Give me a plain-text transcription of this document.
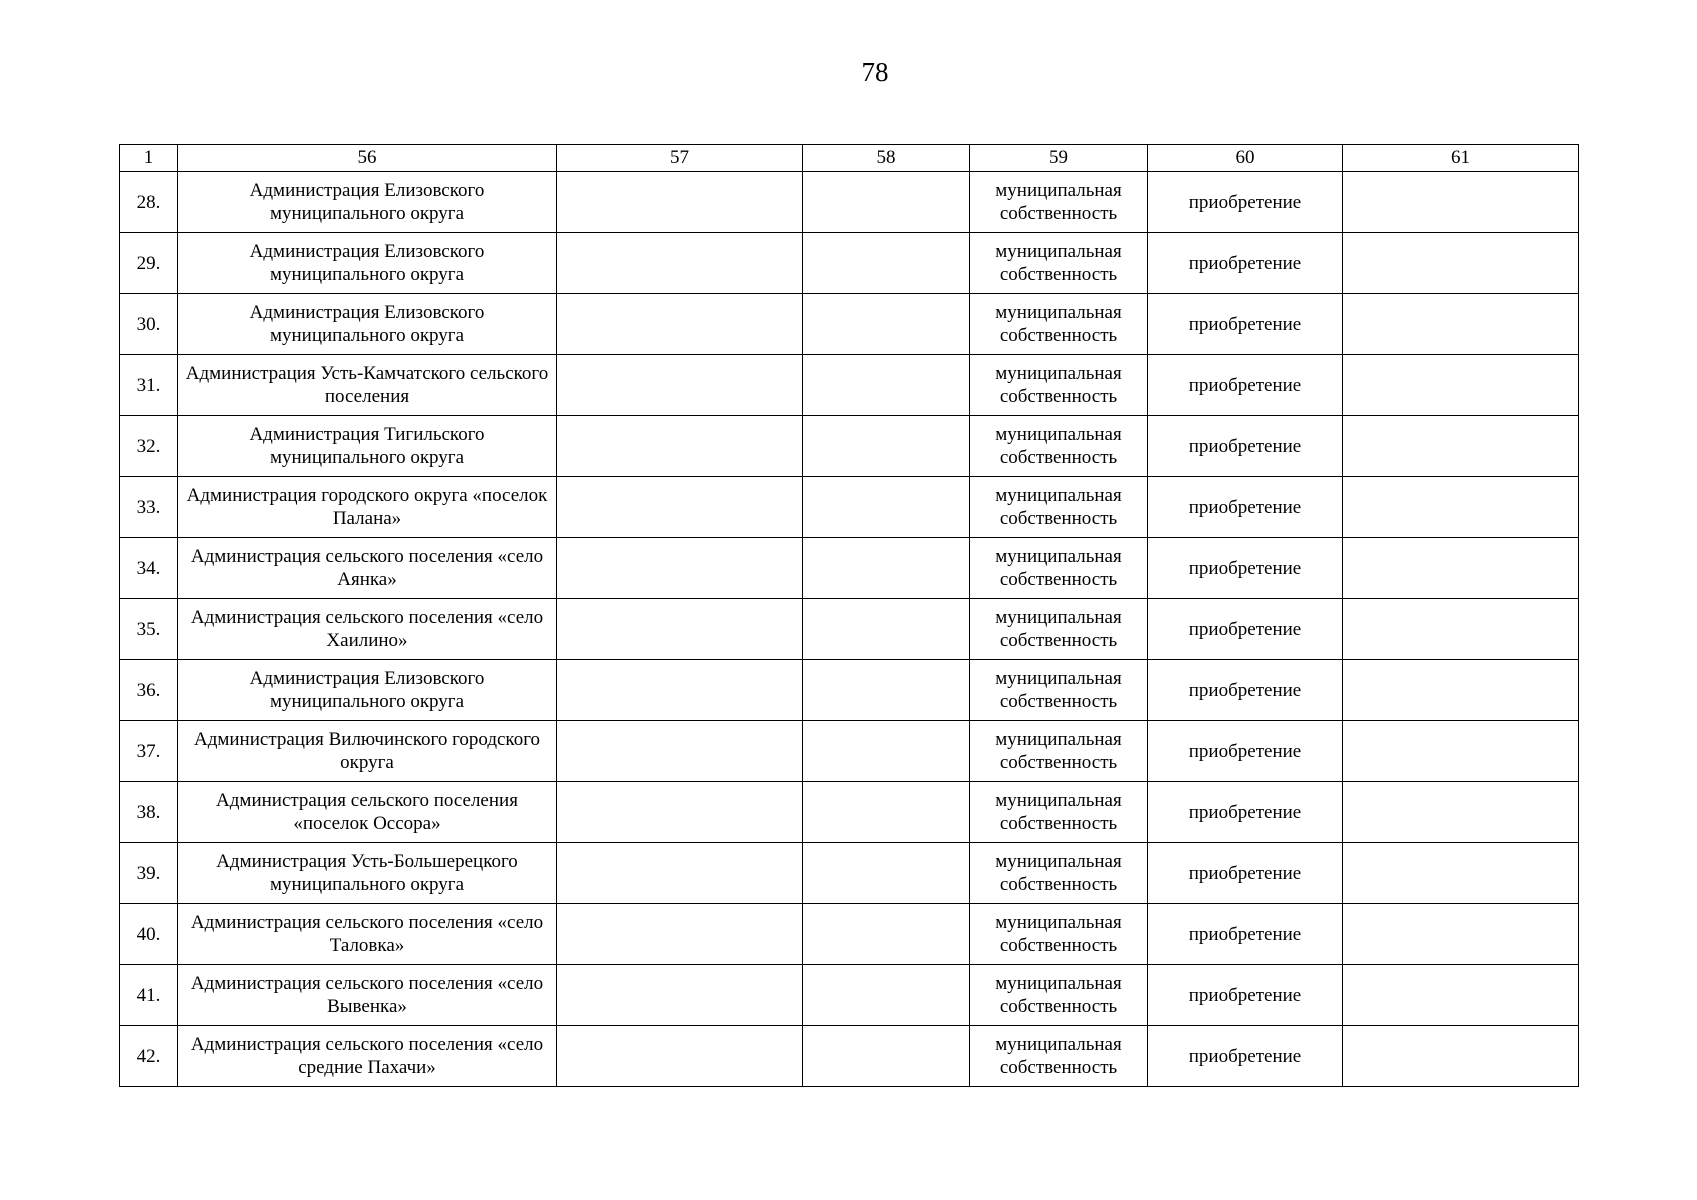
78
1	56	57	58	59	60	61
28.	Администрация Елизовского муниципального округа			муниципальная собственность	приобретение	
29.	Администрация Елизовского муниципального округа			муниципальная собственность	приобретение	
30.	Администрация Елизовского муниципального округа			муниципальная собственность	приобретение	
31.	Администрация Усть-Камчатского сельского поселения			муниципальная собственность	приобретение	
32.	Администрация Тигильского муниципального округа			муниципальная собственность	приобретение	
33.	Администрация городского округа «поселок Палана»			муниципальная собственность	приобретение	
34.	Администрация сельского поселения «село Аянка»			муниципальная собственность	приобретение	
35.	Администрация сельского поселения «село Хаилино»			муниципальная собственность	приобретение	
36.	Администрация Елизовского муниципального округа			муниципальная собственность	приобретение	
37.	Администрация Вилючинского городского округа			муниципальная собственность	приобретение	
38.	Администрация сельского поселения «поселок Оссора»			муниципальная собственность	приобретение	
39.	Администрация Усть-Большерецкого муниципального округа			муниципальная собственность	приобретение	
40.	Администрация сельского поселения «село Таловка»			муниципальная собственность	приобретение	
41.	Администрация сельского поселения «село Вывенка»			муниципальная собственность	приобретение	
42.	Администрация сельского поселения «село средние Пахачи»			муниципальная собственность	приобретение	
